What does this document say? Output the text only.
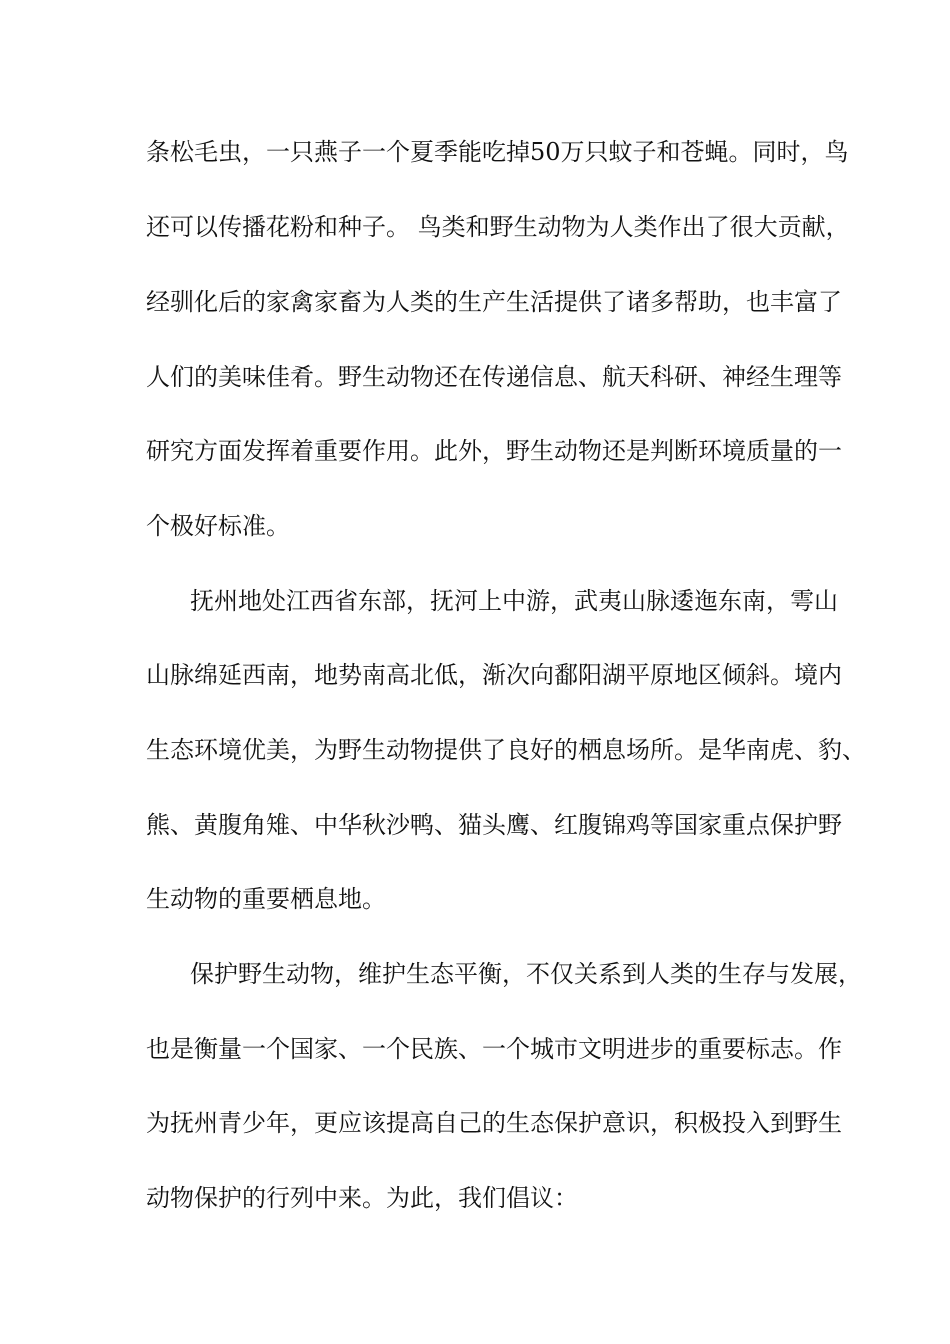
条松毛虫，一只燕子一个夏季能吃掉50万只蚊子和苍蝇。同时，鸟
还可以传播花粉和种子。 鸟类和野生动物为人类作出了很大贡献，
经驯化后的家禽家畜为人类的生产生活提供了诸多帮助，也丰富了
人们的美味佳肴。野生动物还在传递信息、航天科研、神经生理等
研究方面发挥着重要作用。此外，野生动物还是判断环境质量的一
个极好标准。
抚州地处江西省东部，抚河上中游，武夷山脉逶迤东南，雩山
山脉绵延西南，地势南高北低，渐次向鄱阳湖平原地区倾斜。境内
生态环境优美，为野生动物提供了良好的栖息场所。是华南虎、豹、
熊、黄腹角雉、中华秋沙鸭、猫头鹰、红腹锦鸡等国家重点保护野
生动物的重要栖息地。
保护野生动物，维护生态平衡，不仅关系到人类的生存与发展，
也是衡量一个国家、一个民族、一个城市文明进步的重要标志。作
为抚州青少年，更应该提高自己的生态保护意识，积极投入到野生
动物保护的行列中来。为此，我们倡议：
